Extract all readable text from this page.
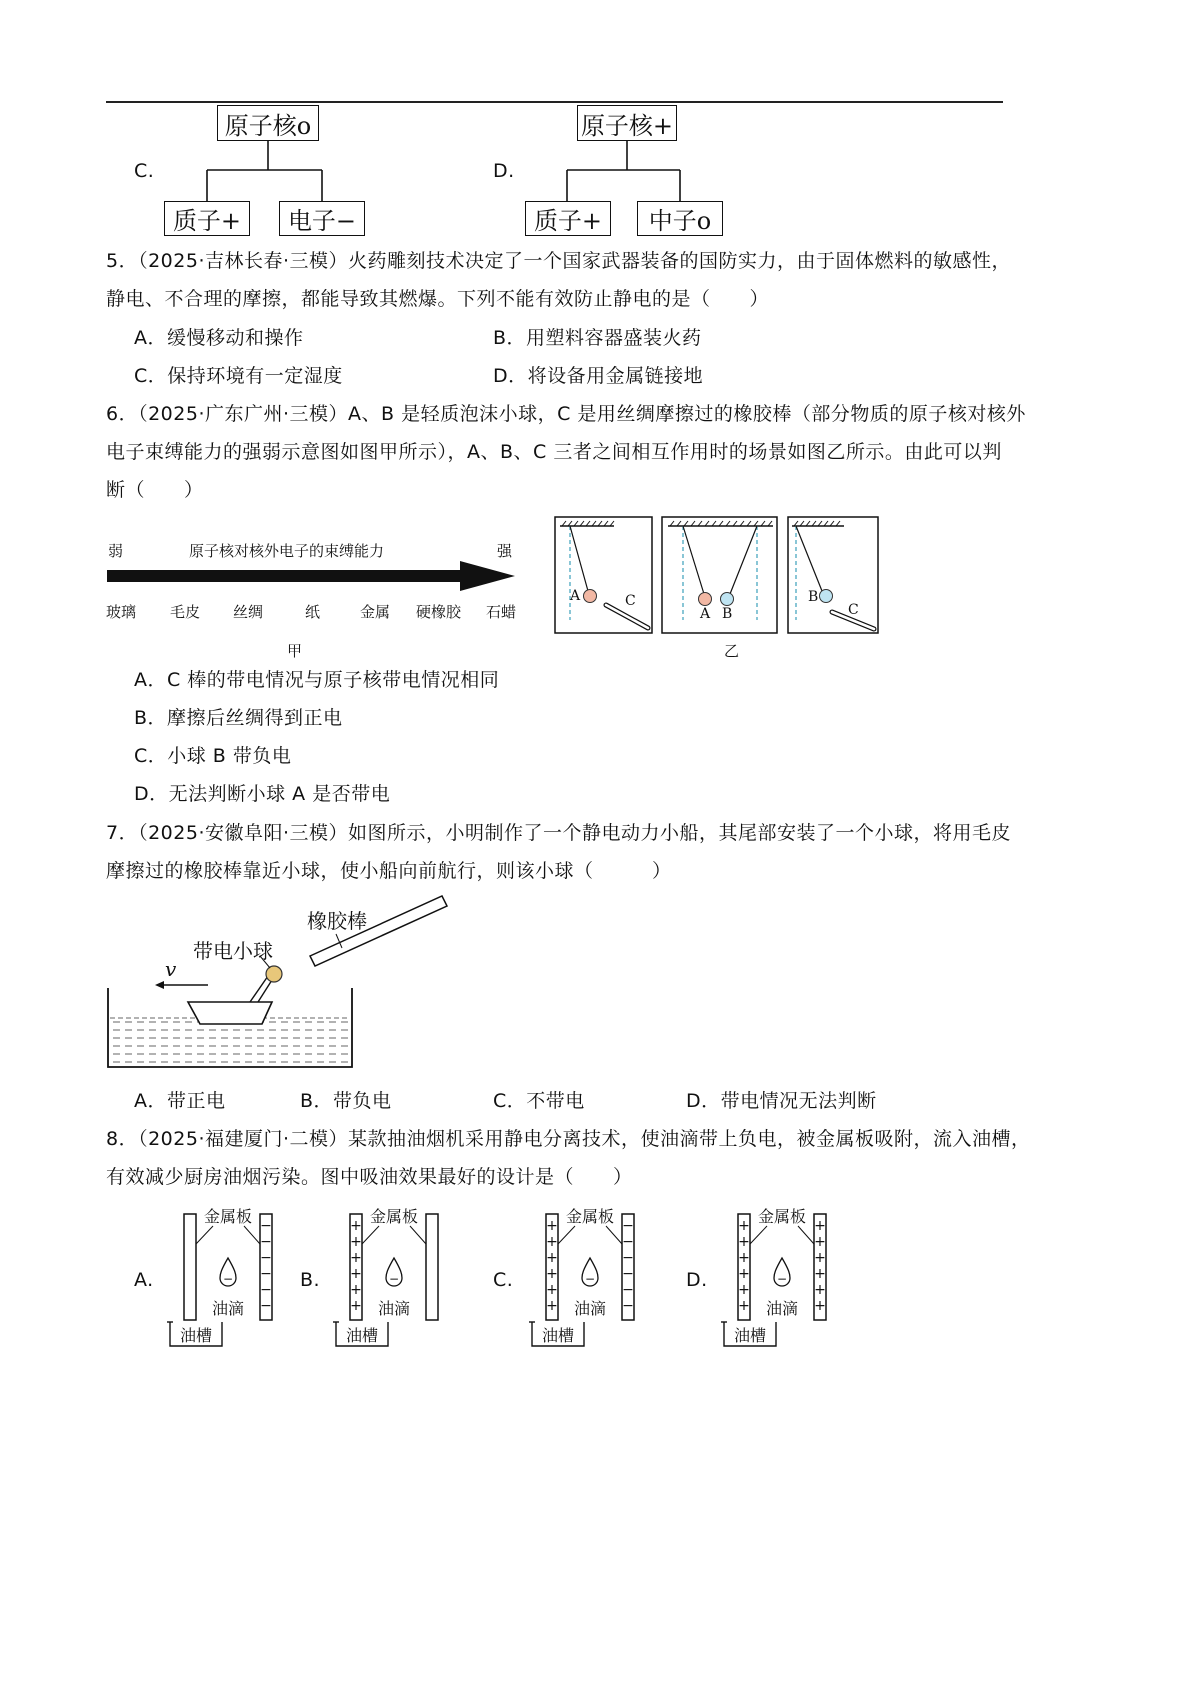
C.	D.
原子核o
质子+	电子−
原子核+
质子+	中子o
5．（2025·吉林长春·三模）火药雕刻技术决定了一个国家武器装备的国防实力，由于固体燃料的敏感性，
静电、不合理的摩擦，都能导致其燃爆。下列不能有效防止静电的是（　　）
A．缓慢移动和操作	B．用塑料容器盛装火药
C．保持环境有一定湿度	D．将设备用金属链接地
6．（2025·广东广州·三模）A、B 是轻质泡沫小球，C 是用丝绸摩擦过的橡胶棒（部分物质的原子核对核外
电子束缚能力的强弱示意图如图甲所示），A、B、C 三者之间相互作用时的场景如图乙所示。由此可以判
断（　　）
弱	原子核对核外电子的束缚能力	强
玻璃 毛皮 丝绸	纸	金属 硬橡胶 石蜡
甲
A	C
A B
B
C
乙
A．C 棒的带电情况与原子核带电情况相同
B．摩擦后丝绸得到正电
C．小球 B 带负电
D．无法判断小球 A 是否带电
7．（2025·安徽阜阳·三模）如图所示，小明制作了一个静电动力小船，其尾部安装了一个小球，将用毛皮
摩擦过的橡胶棒靠近小球，使小船向前航行，则该小球（　　　）
橡胶棒
带电小球
v
A．带正电	B．带负电	C．不带电	D．带电情况无法判断
8．（2025·福建厦门·二模）某款抽油烟机采用静电分离技术，使油滴带上负电，被金属板吸附，流入油槽，
有效减少厨房油烟污染。图中吸油效果最好的设计是（　　）
A.	B.	C.	D.
−
−
−
−
−
−
金属板
−
油滴
油槽
+
+
+
+
+
+
金属板
−
油滴
油槽
+
+
+
+
+
+
−
−
−
−
−
−
金属板
−
油滴
油槽
+
+
+
+
+
+
+
+
+
+
+
+
金属板
−
油滴
油槽
